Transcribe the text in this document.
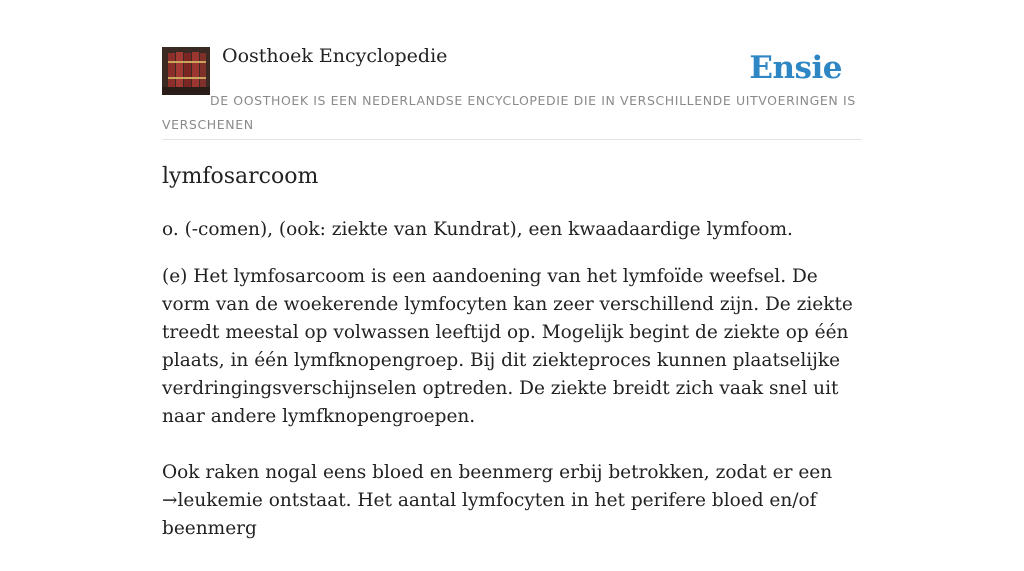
Oosthoek Encyclopedie	Ensie
DE OOSTHOEK IS EEN NEDERLANDSE ENCYCLOPEDIE DIE IN VERSCHILLENDE UITVOERINGEN IS VERSCHENEN
lymfosarcoom

o. (-comen), (ook: ziekte van Kundrat), een kwaadaardige lymfoom.

(e) Het lymfosarcoom is een aandoening van het lymfoïde weefsel. De vorm van de woekerende lymfocyten kan zeer verschillend zijn. De ziekte treedt meestal op volwassen leeftijd op. Mogelijk begint de ziekte op één plaats, in één lymfknopengroep. Bij dit ziekteproces kunnen plaatselijke verdringingsverschijnselen optreden. De ziekte breidt zich vaak snel uit naar andere lymfknopengroepen.

Ook raken nogal eens bloed en beenmerg erbij betrokken, zodat er een →leukemie ontstaat. Het aantal lymfocyten in het perifere bloed en/of beenmerg
